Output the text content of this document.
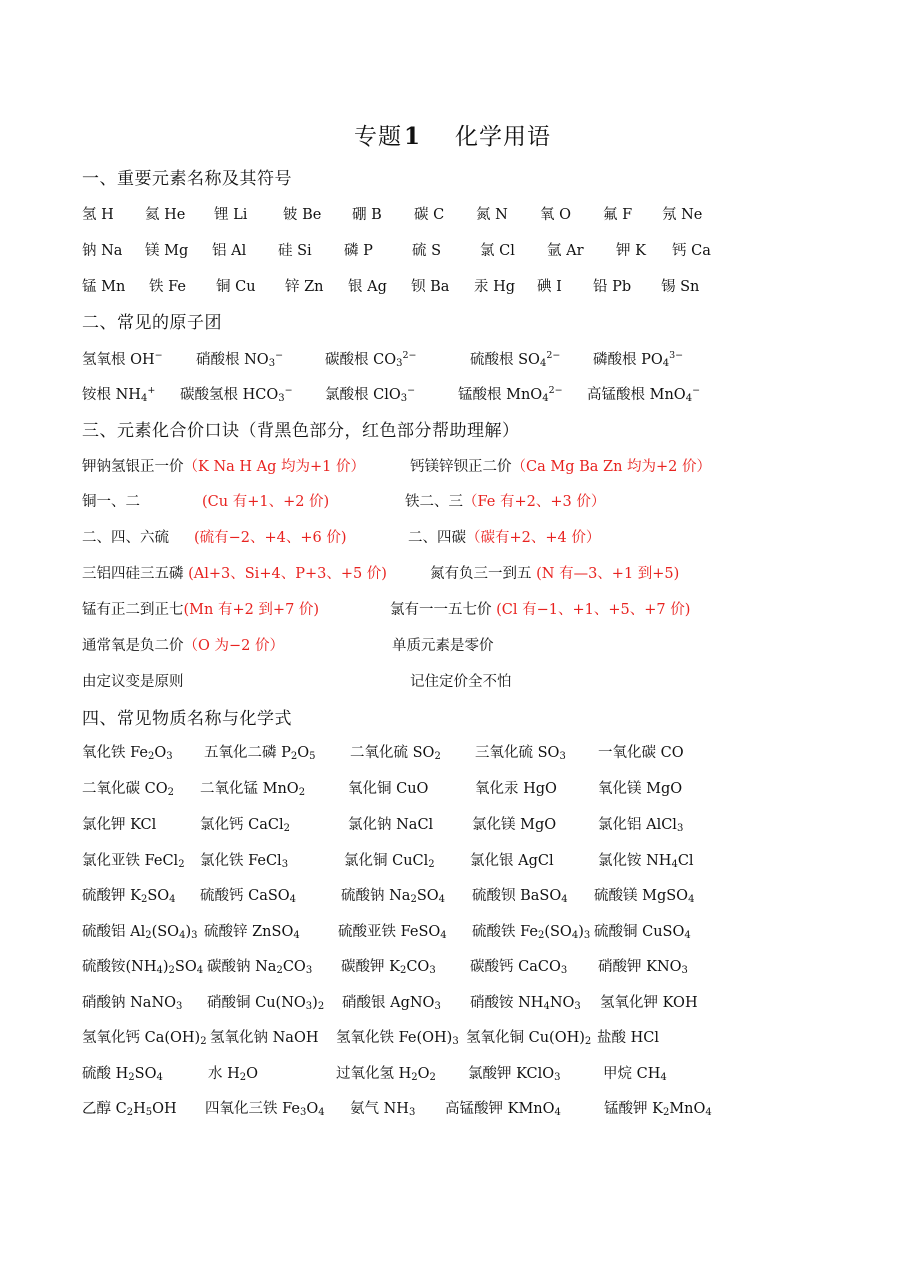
专题1 化学用语
一、重要元素名称及其符号
氢 H 氦 He 锂 Li 铍 Be 硼 B 碳 C 氮 N 氧 O 氟 F 氖 Ne
钠 Na 镁 Mg 铝 Al 硅 Si 磷 P	硫 S	氯 Cl 氩 Ar 钾 K 钙 Ca
锰 Mn 铁 Fe 铜 Cu 锌 Zn 银 Ag 钡 Ba 汞 Hg 碘 I 铅 Pb 锡 Sn
二、常见的原子团
氢氧根 OH− 硝酸根 $NO_3^-$	碳酸根 $CO_3^{2-}$	硫酸根 $SO_4^{2-}$ 磷酸根 $PO_4^{3-}$
铵根 $NH_4^+$ 碳酸氢根 $HCO_3^-$ 氯酸根 ClO$_3$−	锰酸根 MnO$_4^{2-}$ 高锰酸根 MnO$_4$−
三、元素化合价口诀（背黑色部分，红色部分帮助理解）
钾钠氢银正一价（K Na H Ag 均为+1 价）	钙镁锌钡正二价（Ca Mg Ba Zn 均为+2 价）
铜一、二	(Cu 有+1、+2 价)	铁二、三（Fe 有+2、+3 价）
二、四、六硫 (硫有−2、+4、+6 价)	二、四碳（碳有+2、+4 价）
三铝四硅三五磷 (Al+3、Si+4、P+3、+5 价)	氮有负三一到五 (N 有—3、+1 到+5)
锰有正二到正七(Mn 有+2 到+7 价)	氯有一一五七价 (Cl 有−1、+1、+5、+7 价)
通常氧是负二价（O 为−2 价）	单质元素是零价
由定议变是原则	记住定价全不怕
四、常见物质名称与化学式
氧化铁 $Fe_2O_3$ 五氧化二磷 $P_2O_5$ 二氧化硫 $SO_2$ 三氧化硫 $SO_3$ 一氧化碳 CO
二氧化碳 $CO_2$ 二氧化锰 MnO$_2$	氧化铜 CuO	氧化汞 HgO	氧化镁 MgO
氯化钾 KCl	氯化钙 CaCl$_2$	氯化钠 NaCl	氯化镁 MgO	氯化铝 AlCl$_3$
氯化亚铁 FeCl$_2$ 氯化铁 FeCl$_3$	氯化铜 CuCl$_2$ 氯化银 AgCl	氯化铵 $NH_4Cl$
硫酸钾 $K_2SO_4$ 硫酸钙 CaSO$_4$	硫酸钠 $Na_2SO_4$ 硫酸钡 BaSO$_4$ 硫酸镁 MgSO$_4$
硫酸铝 $Al_2(SO_4)_3$ 硫酸锌 ZnSO$_4$	硫酸亚铁 FeSO$_4$ 硫酸铁 $Fe_2(SO_4)_3$ 硫酸铜 CuSO$_4$
硫酸铵$(NH_4)_2SO_4$ 碳酸钠 $Na_2CO_3$ 碳酸钾 $K_2CO_3$ 碳酸钙 CaCO$_3$ 硝酸钾 $KNO_3$
硝酸钠 NaNO$_3$ 硝酸铜 $Cu(NO_3)_2$ 硝酸银 AgNO$_3$ 硝酸铵 $NH_4NO_3$ 氢氧化钾 KOH
氢氧化钙 $Ca(OH)_2$ 氢氧化钠 NaOH 氢氧化铁 $Fe(OH)_3$ 氢氧化铜 $Cu(OH)_2$ 盐酸 HCl
硫酸 $H_2SO_4$	水 $H_2O$	过氧化氢 $H_2O_2$ 氯酸钾 KClO$_3$	甲烷 $CH_4$
乙醇 $C_2H_5OH$ 四氧化三铁 $Fe_3O_4$ 氨气 $NH_3$ 高锰酸钾 KMnO$_4$	锰酸钾 $K_2MnO_4$
